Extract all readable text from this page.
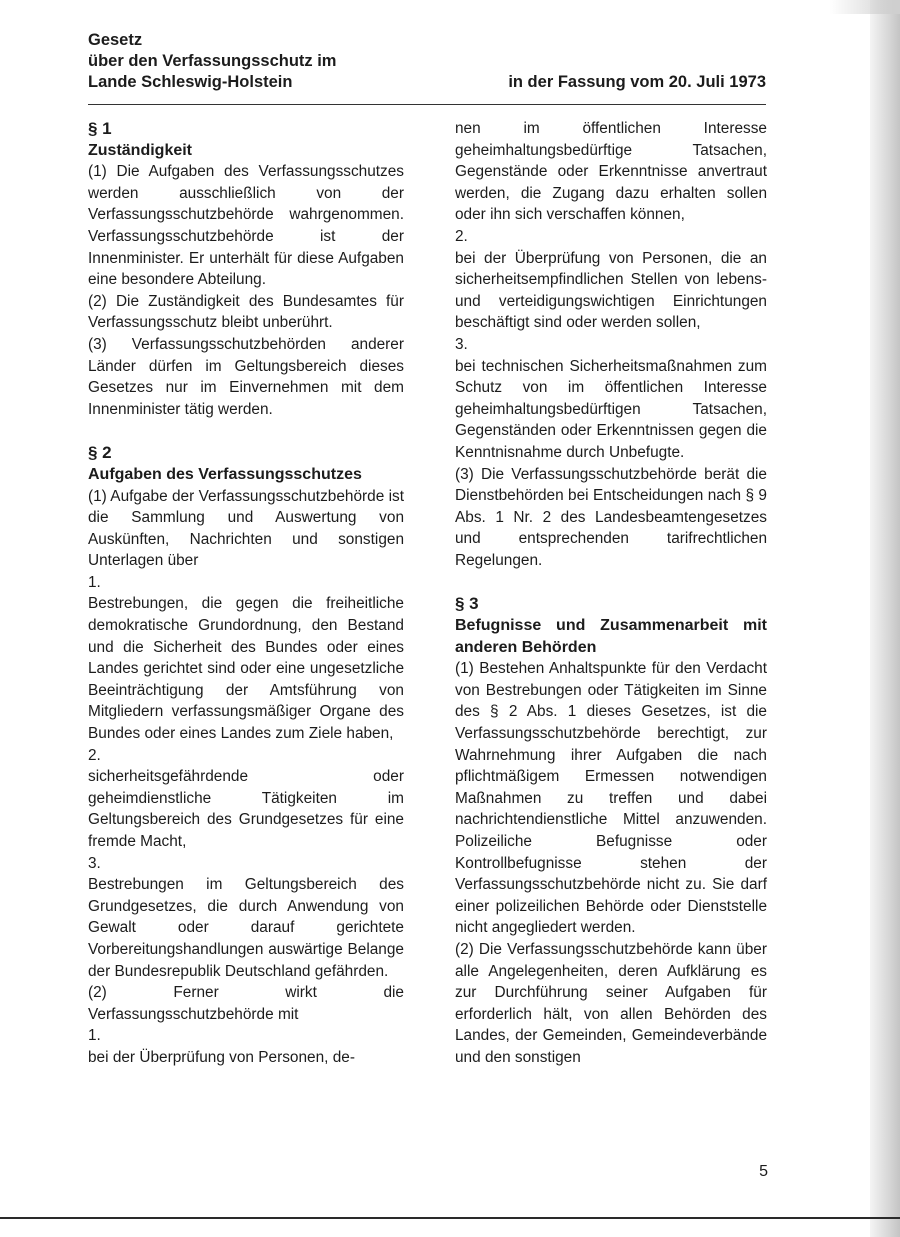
Gesetz
über den Verfassungsschutz im
Lande Schleswig-Holstein	in der Fassung vom 20. Juli 1973

§ 1

Zuständigkeit

(1) Die Aufgaben des Verfassungsschutzes werden ausschließlich von der Verfassungsschutzbehörde wahrgenommen. Verfassungsschutzbehörde ist der Innenminister. Er unterhält für diese Aufgaben eine besondere Abteilung.

(2) Die Zuständigkeit des Bundesamtes für Verfassungsschutz bleibt unberührt.

(3) Verfassungsschutzbehörden anderer Länder dürfen im Geltungsbereich dieses Gesetzes nur im Einvernehmen mit dem Innenminister tätig werden.

§ 2

Aufgaben des Verfassungsschutzes

(1) Aufgabe der Verfassungsschutzbehörde ist die Sammlung und Auswertung von Auskünften, Nachrichten und sonstigen Unterlagen über

1.

Bestrebungen, die gegen die freiheitliche demokratische Grundordnung, den Bestand und die Sicherheit des Bundes oder eines Landes gerichtet sind oder eine ungesetzliche Beeinträchtigung der Amtsführung von Mitgliedern verfassungsmäßiger Organe des Bundes oder eines Landes zum Ziele haben,

2.

sicherheitsgefährdende oder geheimdienstliche Tätigkeiten im Geltungsbereich des Grundgesetzes für eine fremde Macht,

3.

Bestrebungen im Geltungsbereich des Grundgesetzes, die durch Anwendung von Gewalt oder darauf gerichtete Vorbereitungshandlungen auswärtige Belange der Bundesrepublik Deutschland gefährden.

(2) Ferner wirkt die Verfassungsschutzbehörde mit

1.

bei der Überprüfung von Personen, de-

nen im öffentlichen Interesse geheimhaltungsbedürftige Tatsachen, Gegenstände oder Erkenntnisse anvertraut werden, die Zugang dazu erhalten sollen oder ihn sich verschaffen können,

2.

bei der Überprüfung von Personen, die an sicherheitsempfindlichen Stellen von lebens- und verteidigungswichtigen Einrichtungen beschäftigt sind oder werden sollen,

3.

bei technischen Sicherheitsmaßnahmen zum Schutz von im öffentlichen Interesse geheimhaltungsbedürftigen Tatsachen, Gegenständen oder Erkenntnissen gegen die Kenntnisnahme durch Unbefugte.

(3) Die Verfassungsschutzbehörde berät die Dienstbehörden bei Entscheidungen nach § 9 Abs. 1 Nr. 2 des Landesbeamtengesetzes und entsprechenden tarifrechtlichen Regelungen.

§ 3

Befugnisse und Zusammenarbeit mit anderen Behörden

(1) Bestehen Anhaltspunkte für den Verdacht von Bestrebungen oder Tätigkeiten im Sinne des § 2 Abs. 1 dieses Gesetzes, ist die Verfassungsschutzbehörde berechtigt, zur Wahrnehmung ihrer Aufgaben die nach pflichtmäßigem Ermessen notwendigen Maßnahmen zu treffen und dabei nachrichtendienstliche Mittel anzuwenden. Polizeiliche Befugnisse oder Kontrollbefugnisse stehen der Verfassungsschutzbehörde nicht zu. Sie darf einer polizeilichen Behörde oder Dienststelle nicht angegliedert werden.

(2) Die Verfassungsschutzbehörde kann über alle Angelegenheiten, deren Aufklärung es zur Durchführung seiner Aufgaben für erforderlich hält, von allen Behörden des Landes, der Gemeinden, Gemeindeverbände und den sonstigen

5
